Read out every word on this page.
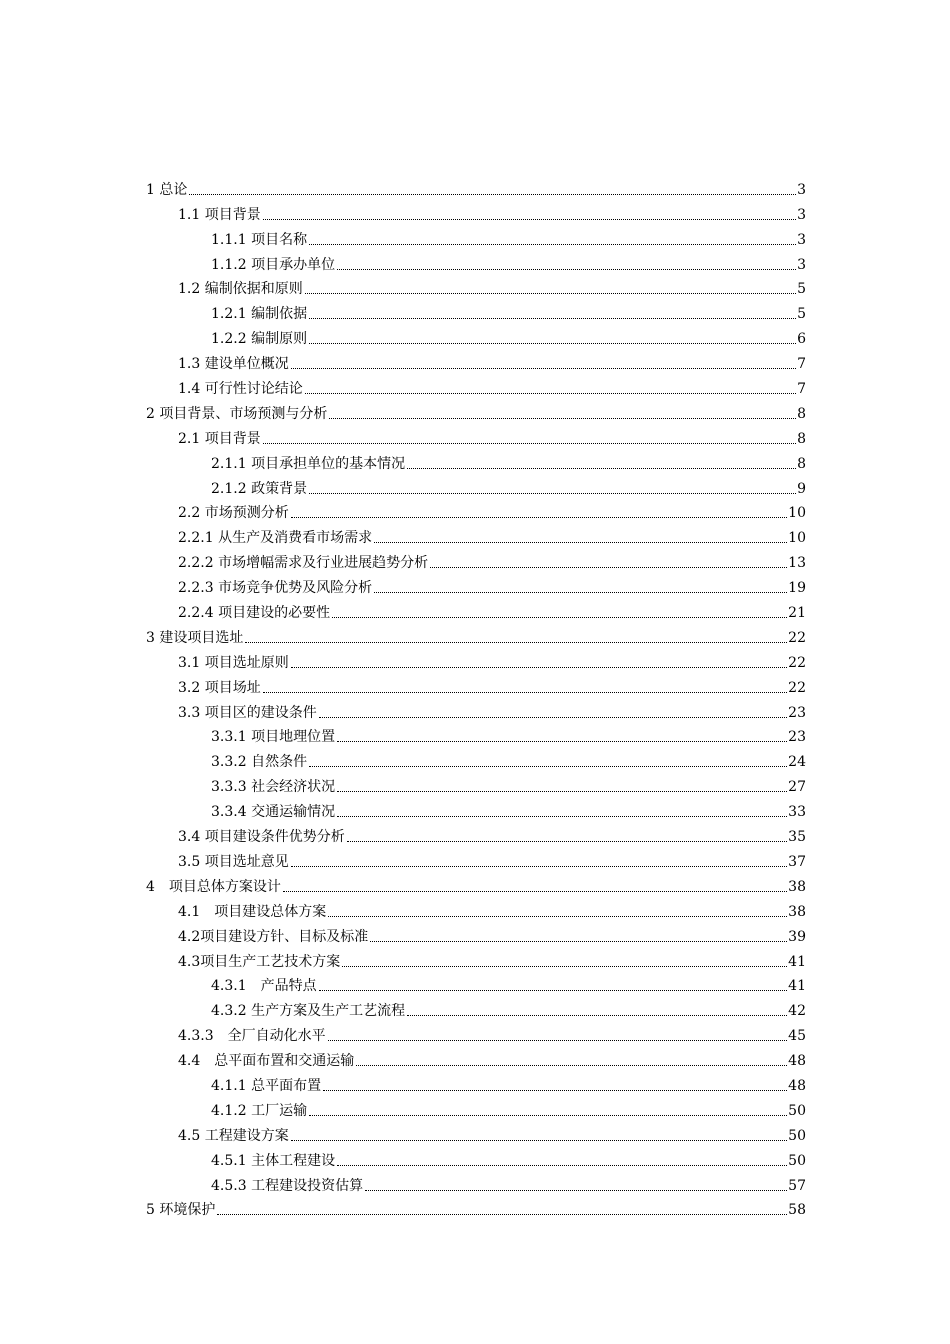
1 总论	3
1.1 项目背景	3
1.1.1 项目名称	3
1.1.2 项目承办单位	3
1.2 编制依据和原则	5
1.2.1 编制依据	5
1.2.2 编制原则	6
1.3 建设单位概况	7
1.4 可行性讨论结论	7
2 项目背景、市场预测与分析	8
2.1 项目背景	8
2.1.1 项目承担单位的基本情况	8
2.1.2 政策背景	9
2.2 市场预测分析	10
2.2.1 从生产及消费看市场需求	10
2.2.2 市场增幅需求及行业进展趋势分析	13
2.2.3 市场竞争优势及风险分析	19
2.2.4 项目建设的必要性	21
3 建设项目选址	22
3.1 项目选址原则	22
3.2 项目场址	22
3.3 项目区的建设条件	23
3.3.1 项目地理位置	23
3.3.2 自然条件	24
3.3.3 社会经济状况	27
3.3.4 交通运输情况	33
3.4 项目建设条件优势分析	35
3.5 项目选址意见	37
4　项目总体方案设计	38
4.1　项目建设总体方案	38
4.2项目建设方针、目标及标准	39
4.3项目生产工艺技术方案	41
4.3.1　产品特点	41
4.3.2 生产方案及生产工艺流程	42
4.3.3　全厂自动化水平	45
4.4　总平面布置和交通运输	48
4.1.1 总平面布置	48
4.1.2 工厂运输	50
4.5 工程建设方案	50
4.5.1 主体工程建设	50
4.5.3 工程建设投资估算	57
5 环境保护	58
